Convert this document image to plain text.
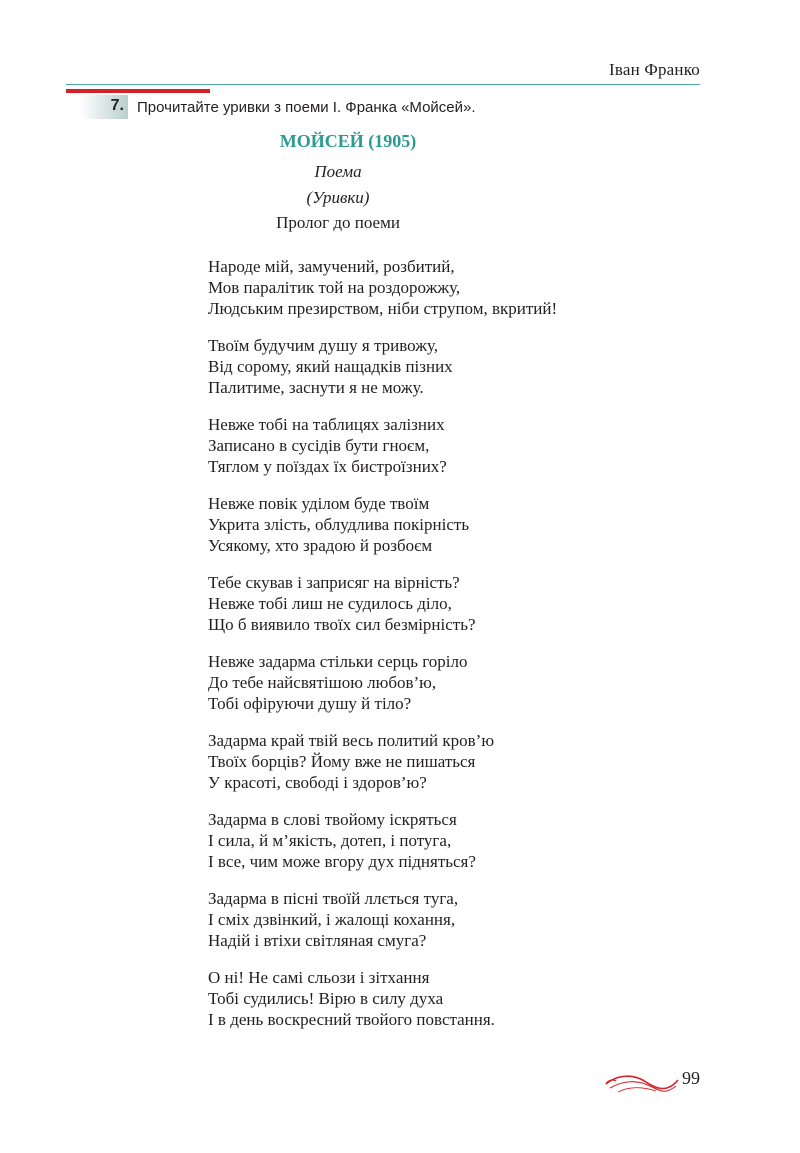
Іван Франко
7. Прочитайте уривки з поеми І. Франка «Мойсей».
МОЙСЕЙ (1905)
Поема
(Уривки)
Пролог до поеми
Народе мій, замучений, розбитий,
Мов паралітик той на роздорожжу,
Людським презирством, ніби струпом, вкритий!
Твоїм будучим душу я тривожу,
Від сорому, який нащадків пізних
Палитиме, заснути я не можу.
Невже тобі на таблицях залізних
Записано в сусідів бути гноєм,
Тяглом у поїздах їх бистроїзних?
Невже повік уділом буде твоїм
Укрита злість, облудлива покірність
Усякому, хто зрадою й розбоєм
Тебе скував і заприсяг на вірність?
Невже тобі лиш не судилось діло,
Що б виявило твоїх сил безмірність?
Невже задарма стільки серць горіло
До тебе найсвятішою любов’ю,
Тобі офіруючи душу й тіло?
Задарма край твій весь политий кров’ю
Твоїх борців? Йому вже не пишаться
У красоті, свободі і здоров’ю?
Задарма в слові твойому іскряться
І сила, й м’якість, дотеп, і потуга,
І все, чим може вгору дух підняться?
Задарма в пісні твоїй ллється туга,
І сміх дзвінкий, і жалощі кохання,
Надій і втіхи світляная смуга?
О ні! Не самі сльози і зітхання
Тобі судились! Вірю в силу духа
І в день воскресний твойого повстання.
99
